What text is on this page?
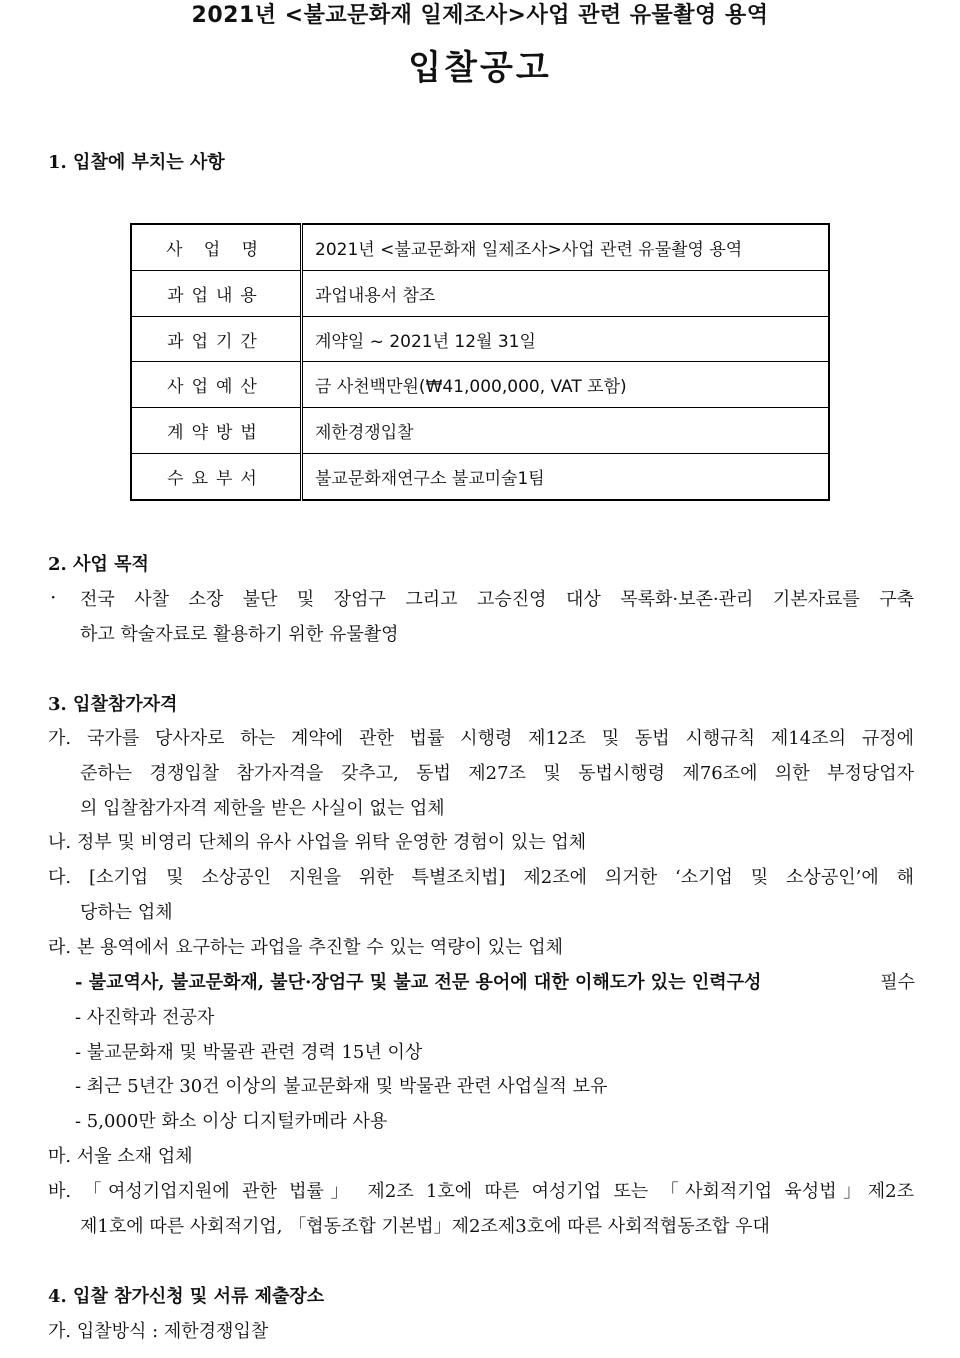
2021년 <불교문화재 일제조사>사업 관련 유물촬영 용역
입찰공고
1. 입찰에 부치는 사항
사 업 명	2021년 <불교문화재 일제조사>사업 관련 유물촬영 용역
과업내용	과업내용서 참조
과업기간	계약일 ~ 2021년 12월 31일
사업예산	금 사천백만원(₩41,000,000, VAT 포함)
계약방법	제한경쟁입찰
수요부서	불교문화재연구소 불교미술1팀
2. 사업 목적
· 전국 사찰 소장 불단 및 장엄구 그리고 고승진영 대상 목록화·보존·관리 기본자료를 구축
하고 학술자료로 활용하기 위한 유물촬영
3. 입찰참가자격
가. 국가를 당사자로 하는 계약에 관한 법률 시행령 제12조 및 동법 시행규칙 제14조의 규정에
준하는 경쟁입찰 참가자격을 갖추고, 동법 제27조 및 동법시행령 제76조에 의한 부정당업자
의 입찰참가자격 제한을 받은 사실이 없는 업체
나. 정부 및 비영리 단체의 유사 사업을 위탁 운영한 경험이 있는 업체
다. [소기업 및 소상공인 지원을 위한 특별조치법] 제2조에 의거한 ‘소기업 및 소상공인’에 해
당하는 업체
라. 본 용역에서 요구하는 과업을 추진할 수 있는 역량이 있는 업체
- 불교역사, 불교문화재, 불단·장엄구 및 불교 전문 용어에 대한 이해도가 있는 인력구성	필수
- 사진학과 전공자
- 불교문화재 및 박물관 관련 경력 15년 이상
- 최근 5년간 30건 이상의 불교문화재 및 박물관 관련 사업실적 보유
- 5,000만 화소 이상 디지털카메라 사용
마. 서울 소재 업체
바. 「여성기업지원에 관한 법률」 제2조 1호에 따른 여성기업 또는 「사회적기업 육성법」제2조
제1호에 따른 사회적기업, 「협동조합 기본법」제2조제3호에 따른 사회적협동조합 우대
4. 입찰 참가신청 및 서류 제출장소
가. 입찰방식 : 제한경쟁입찰
